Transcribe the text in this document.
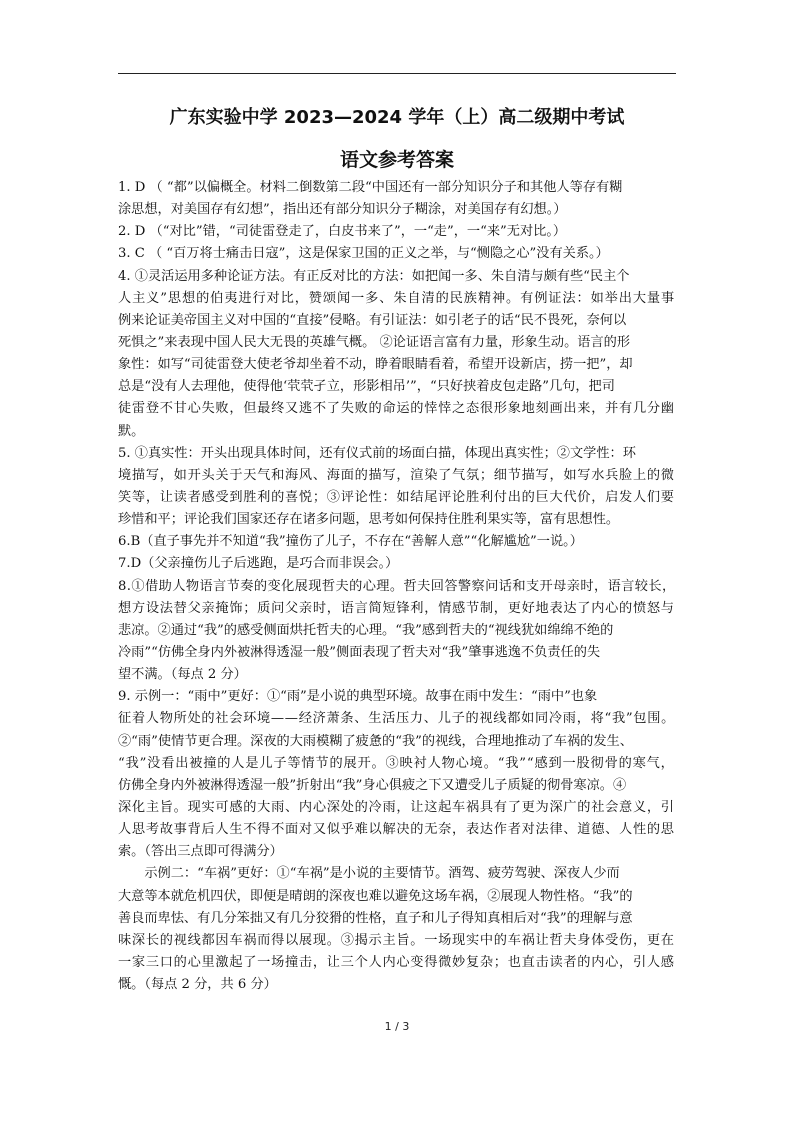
广东实验中学 2023—2024 学年（上）高二级期中考试
语文参考答案
1. D （ “都”以偏概全。材料二倒数第二段“中国还有一部分知识分子和其他人等存有糊
涂思想，对美国存有幻想”，指出还有部分知识分子糊涂，对美国存有幻想。）
2. D （“对比”错，“司徒雷登走了，白皮书来了”，一“走”，一“来”无对比。）
3. C （ “百万将士痛击日寇”，这是保家卫国的正义之举，与“恻隐之心”没有关系。）
4. ①灵活运用多种论证方法。有正反对比的方法：如把闻一多、朱自清与颇有些“民主个
人主义”思想的伯夷进行对比，赞颂闻一多、朱自清的民族精神。有例证法：如举出大量事
例来论证美帝国主义对中国的“直接”侵略。有引证法：如引老子的话“民不畏死，奈何以
死惧之”来表现中国人民大无畏的英雄气概。 ②论证语言富有力量，形象生动。语言的形
象性：如写“司徒雷登大使老爷却坐着不动，睁着眼睛看着，希望开设新店，捞一把”，却
总是“没有人去理他，使得他‘茕茕孑立，形影相吊’”，“只好挟着皮包走路”几句，把司
徒雷登不甘心失败，但最终又逃不了失败的命运的悻悻之态很形象地刻画出来，并有几分幽
默。
5. ①真实性：开头出现具体时间，还有仪式前的场面白描，体现出真实性；②文学性：环
境描写，如开头关于天气和海风、海面的描写，渲染了气氛；细节描写，如写水兵脸上的微
笑等，让读者感受到胜利的喜悦；③评论性：如结尾评论胜利付出的巨大代价，启发人们要
珍惜和平；评论我们国家还存在诸多问题，思考如何保持住胜利果实等，富有思想性。
6.B（直子事先并不知道“我”撞伤了儿子，不存在“善解人意”“化解尴尬”一说。）
7.D（父亲撞伤儿子后逃跑，是巧合而非误会。）
8.①借助人物语言节奏的变化展现哲夫的心理。哲夫回答警察问话和支开母亲时，语言较长，
想方设法替父亲掩饰；质问父亲时，语言简短锋利，情感节制，更好地表达了内心的愤怒与
悲凉。②通过“我”的感受侧面烘托哲夫的心理。“我”感到哲夫的“视线犹如绵绵不绝的
冷雨”“仿佛全身内外被淋得透湿一般”侧面表现了哲夫对“我”肇事逃逸不负责任的失
望不满。（每点 2 分）
9. 示例一：“雨中”更好：①“雨”是小说的典型环境。故事在雨中发生：“雨中”也象
征着人物所处的社会环境——经济萧条、生活压力、儿子的视线都如同冷雨，将“我”包围。
②“雨”使情节更合理。深夜的大雨模糊了疲惫的“我”的视线，合理地推动了车祸的发生、
“我”没看出被撞的人是儿子等情节的展开。③映衬人物心境。“我”“感到一股彻骨的寒气，
仿佛全身内外被淋得透湿一般”折射出“我”身心俱疲之下又遭受儿子质疑的彻骨寒凉。④
深化主旨。现实可感的大雨、内心深处的冷雨，让这起车祸具有了更为深广的社会意义，引
人思考故事背后人生不得不面对又似乎难以解决的无奈，表达作者对法律、道德、人性的思
索。（答出三点即可得满分）
　　示例二：“车祸”更好：①“车祸”是小说的主要情节。酒驾、疲劳驾驶、深夜人少而
大意等本就危机四伏，即便是晴朗的深夜也难以避免这场车祸，②展现人物性格。“我”的
善良而卑怯、有几分笨拙又有几分狡猾的性格，直子和儿子得知真相后对“我”的理解与意
味深长的视线都因车祸而得以展现。③揭示主旨。一场现实中的车祸让哲夫身体受伤，更在
一家三口的心里激起了一场撞击，让三个人内心变得微妙复杂；也直击读者的内心，引人感
慨。（每点 2 分，共 6 分）
1 / 3
